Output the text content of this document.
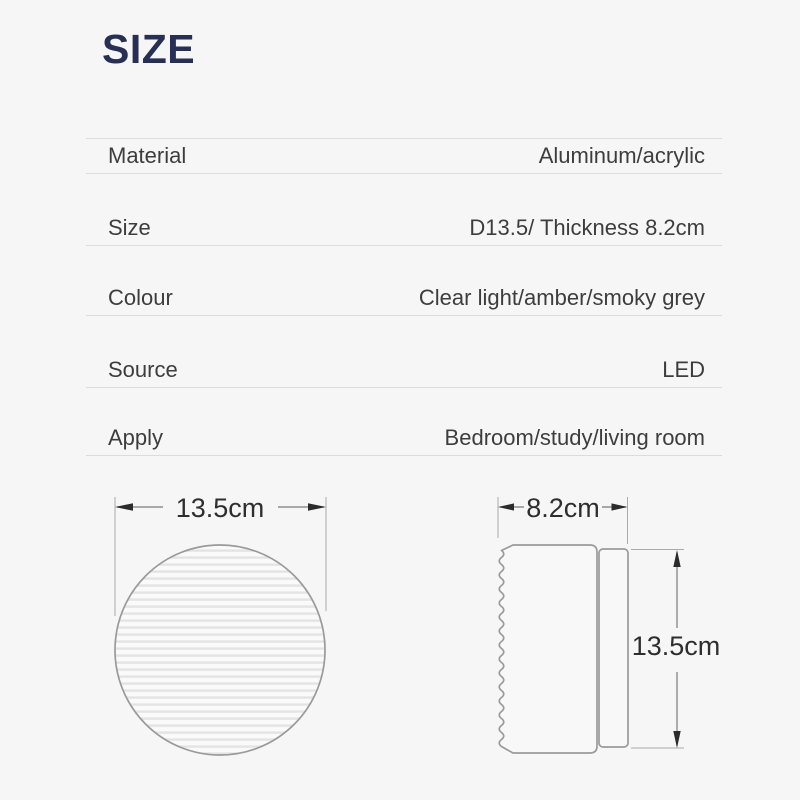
SIZE
Material	Aluminum/acrylic
Size	D13.5/ Thickness 8.2cm
Colour	Clear light/amber/smoky grey
Source	LED
Apply	Bedroom/study/living room
13.5cm	8.2cm
13.5cm
